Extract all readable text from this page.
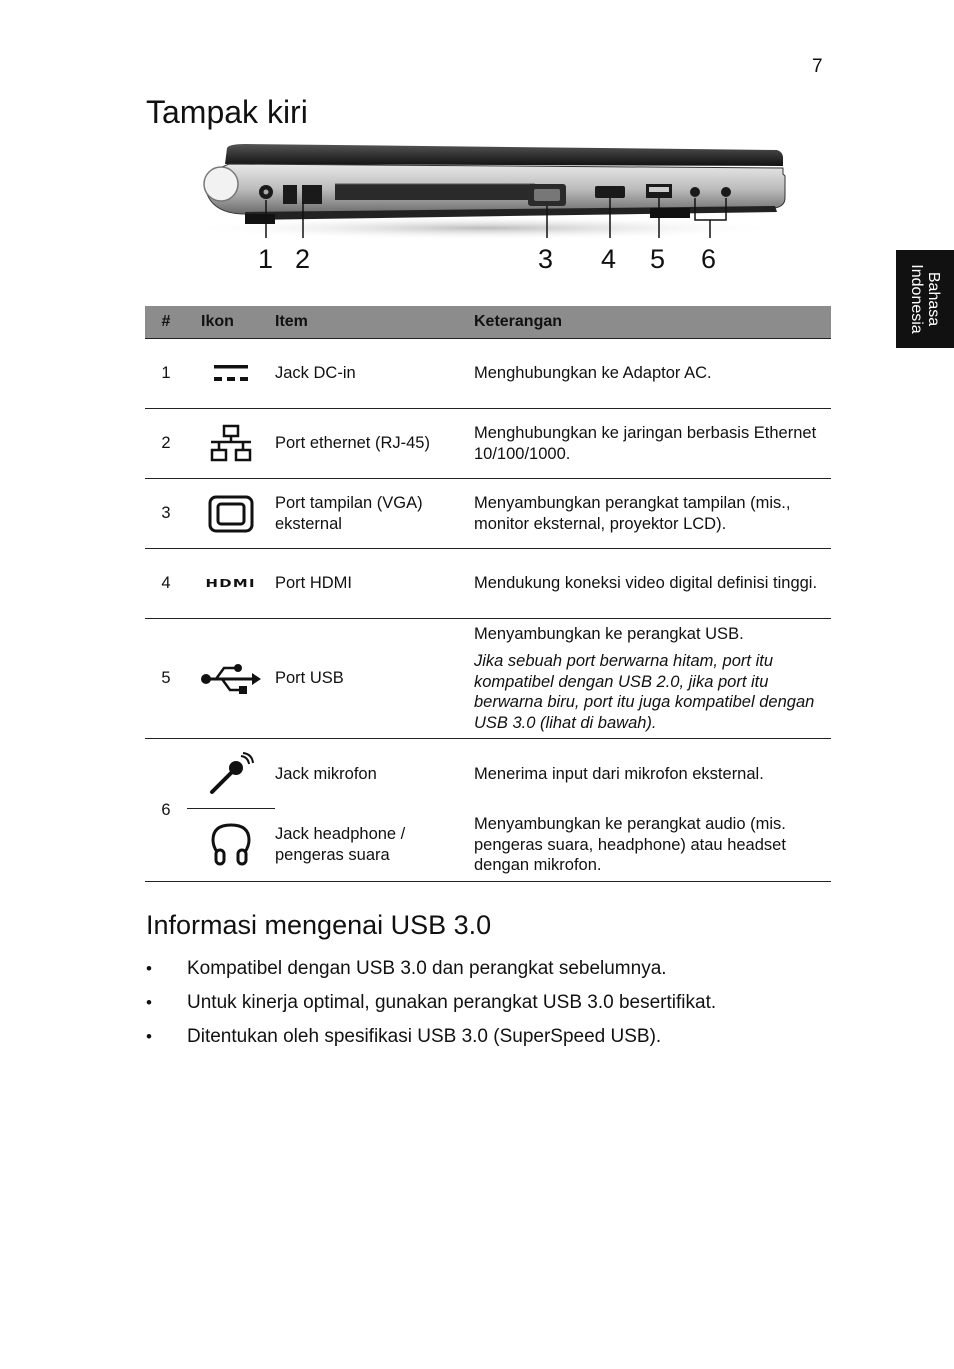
7
Tampak kiri
Bahasa
Indonesia
1 2	3 4 5 6
#	Ikon	Item	Keterangan
1		Jack DC-in	Menghubungkan ke Adaptor AC.
2		Port ethernet (RJ-45)	Menghubungkan ke jaringan berbasis Ethernet 10/100/1000.
3		Port tampilan (VGA) eksternal	Menyambungkan perangkat tampilan (mis., monitor eksternal, proyektor LCD).
4	HDMI	Port HDMI	Mendukung koneksi video digital definisi tinggi.
5		Port USB	Menyambungkan ke perangkat USB.
Jika sebuah port berwarna hitam, port itu kompatibel dengan USB 2.0, jika port itu berwarna biru, port itu juga kompatibel dengan USB 3.0 (lihat di bawah).

6		Jack mikrofon	Menerima input dari mikrofon eksternal.
	Jack headphone / pengeras suara	Menyambungkan ke perangkat audio (mis. pengeras suara, headphone) atau headset dengan mikrofon.
Informasi mengenai USB 3.0
• Kompatibel dengan USB 3.0 dan perangkat sebelumnya.
• Untuk kinerja optimal, gunakan perangkat USB 3.0 besertifikat.
• Ditentukan oleh spesifikasi USB 3.0 (SuperSpeed USB).
